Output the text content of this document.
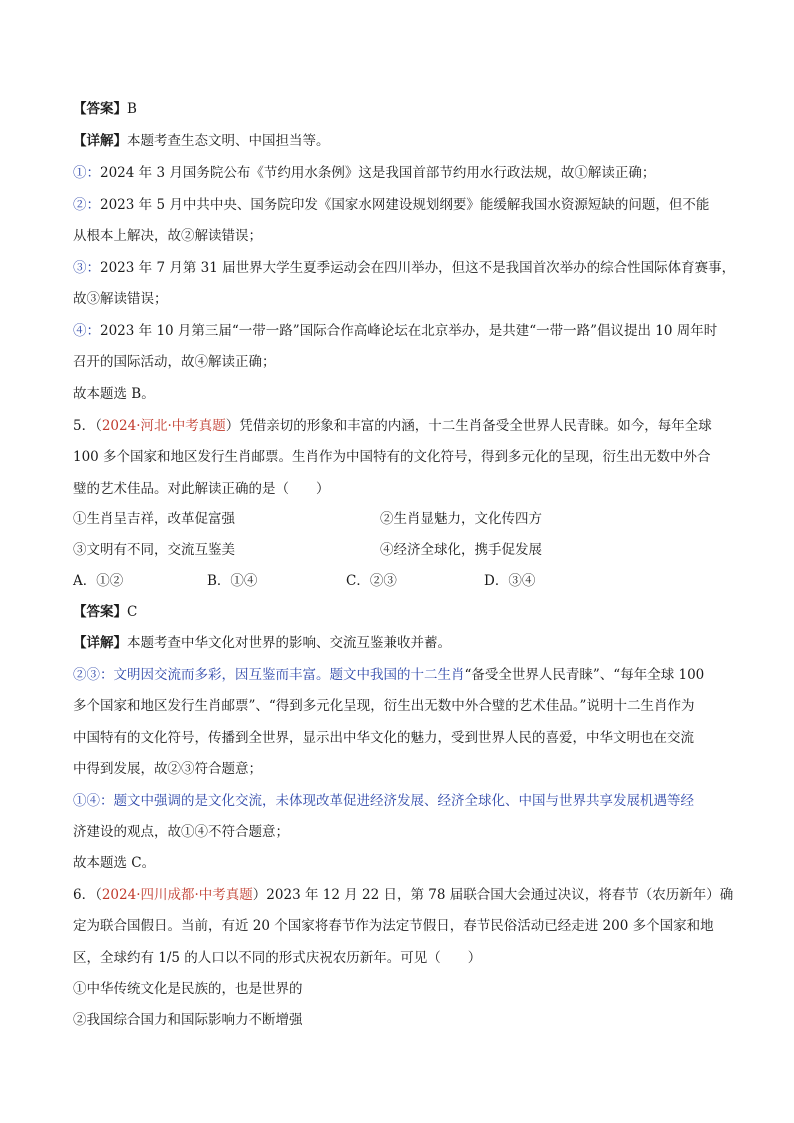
【答案】B
【详解】本题考查生态文明、中国担当等。
①：2024 年 3 月国务院公布《节约用水条例》这是我国首部节约用水行政法规，故①解读正确；
②：2023 年 5 月中共中央、国务院印发《国家水网建设规划纲要》能缓解我国水资源短缺的问题，但不能
从根本上解决，故②解读错误；
③：2023 年 7 月第 31 届世界大学生夏季运动会在四川举办，但这不是我国首次举办的综合性国际体育赛事，
故③解读错误；
④：2023 年 10 月第三届“一带一路”国际合作高峰论坛在北京举办，是共建“一带一路”倡议提出 10 周年时
召开的国际活动，故④解读正确；
故本题选 B。
5．（2024·河北·中考真题）凭借亲切的形象和丰富的内涵，十二生肖备受全世界人民青睐。如今，每年全球
100 多个国家和地区发行生肖邮票。生肖作为中国特有的文化符号，得到多元化的呈现，衍生出无数中外合
璧的艺术佳品。对此解读正确的是（　　）
①生肖呈吉祥，改革促富强	②生肖显魅力，文化传四方
③文明有不同，交流互鉴美	④经济全球化，携手促发展
A．①②	B．①④	C．②③	D．③④
【答案】C
【详解】本题考查中华文化对世界的影响、交流互鉴兼收并蓄。
②③：文明因交流而多彩，因互鉴而丰富。题文中我国的十二生肖“备受全世界人民青睐”、“每年全球 100
多个国家和地区发行生肖邮票”、“得到多元化呈现，衍生出无数中外合璧的艺术佳品。”说明十二生肖作为
中国特有的文化符号，传播到全世界，显示出中华文化的魅力，受到世界人民的喜爱，中华文明也在交流
中得到发展，故②③符合题意；
①④：题文中强调的是文化交流，未体现改革促进经济发展、经济全球化、中国与世界共享发展机遇等经
济建设的观点，故①④不符合题意；
故本题选 C。
6．（2024·四川成都·中考真题）2023 年 12 月 22 日，第 78 届联合国大会通过决议，将春节（农历新年）确
定为联合国假日。当前，有近 20 个国家将春节作为法定节假日，春节民俗活动已经走进 200 多个国家和地
区，全球约有 1/5 的人口以不同的形式庆祝农历新年。可见（　　）
①中华传统文化是民族的，也是世界的
②我国综合国力和国际影响力不断增强
